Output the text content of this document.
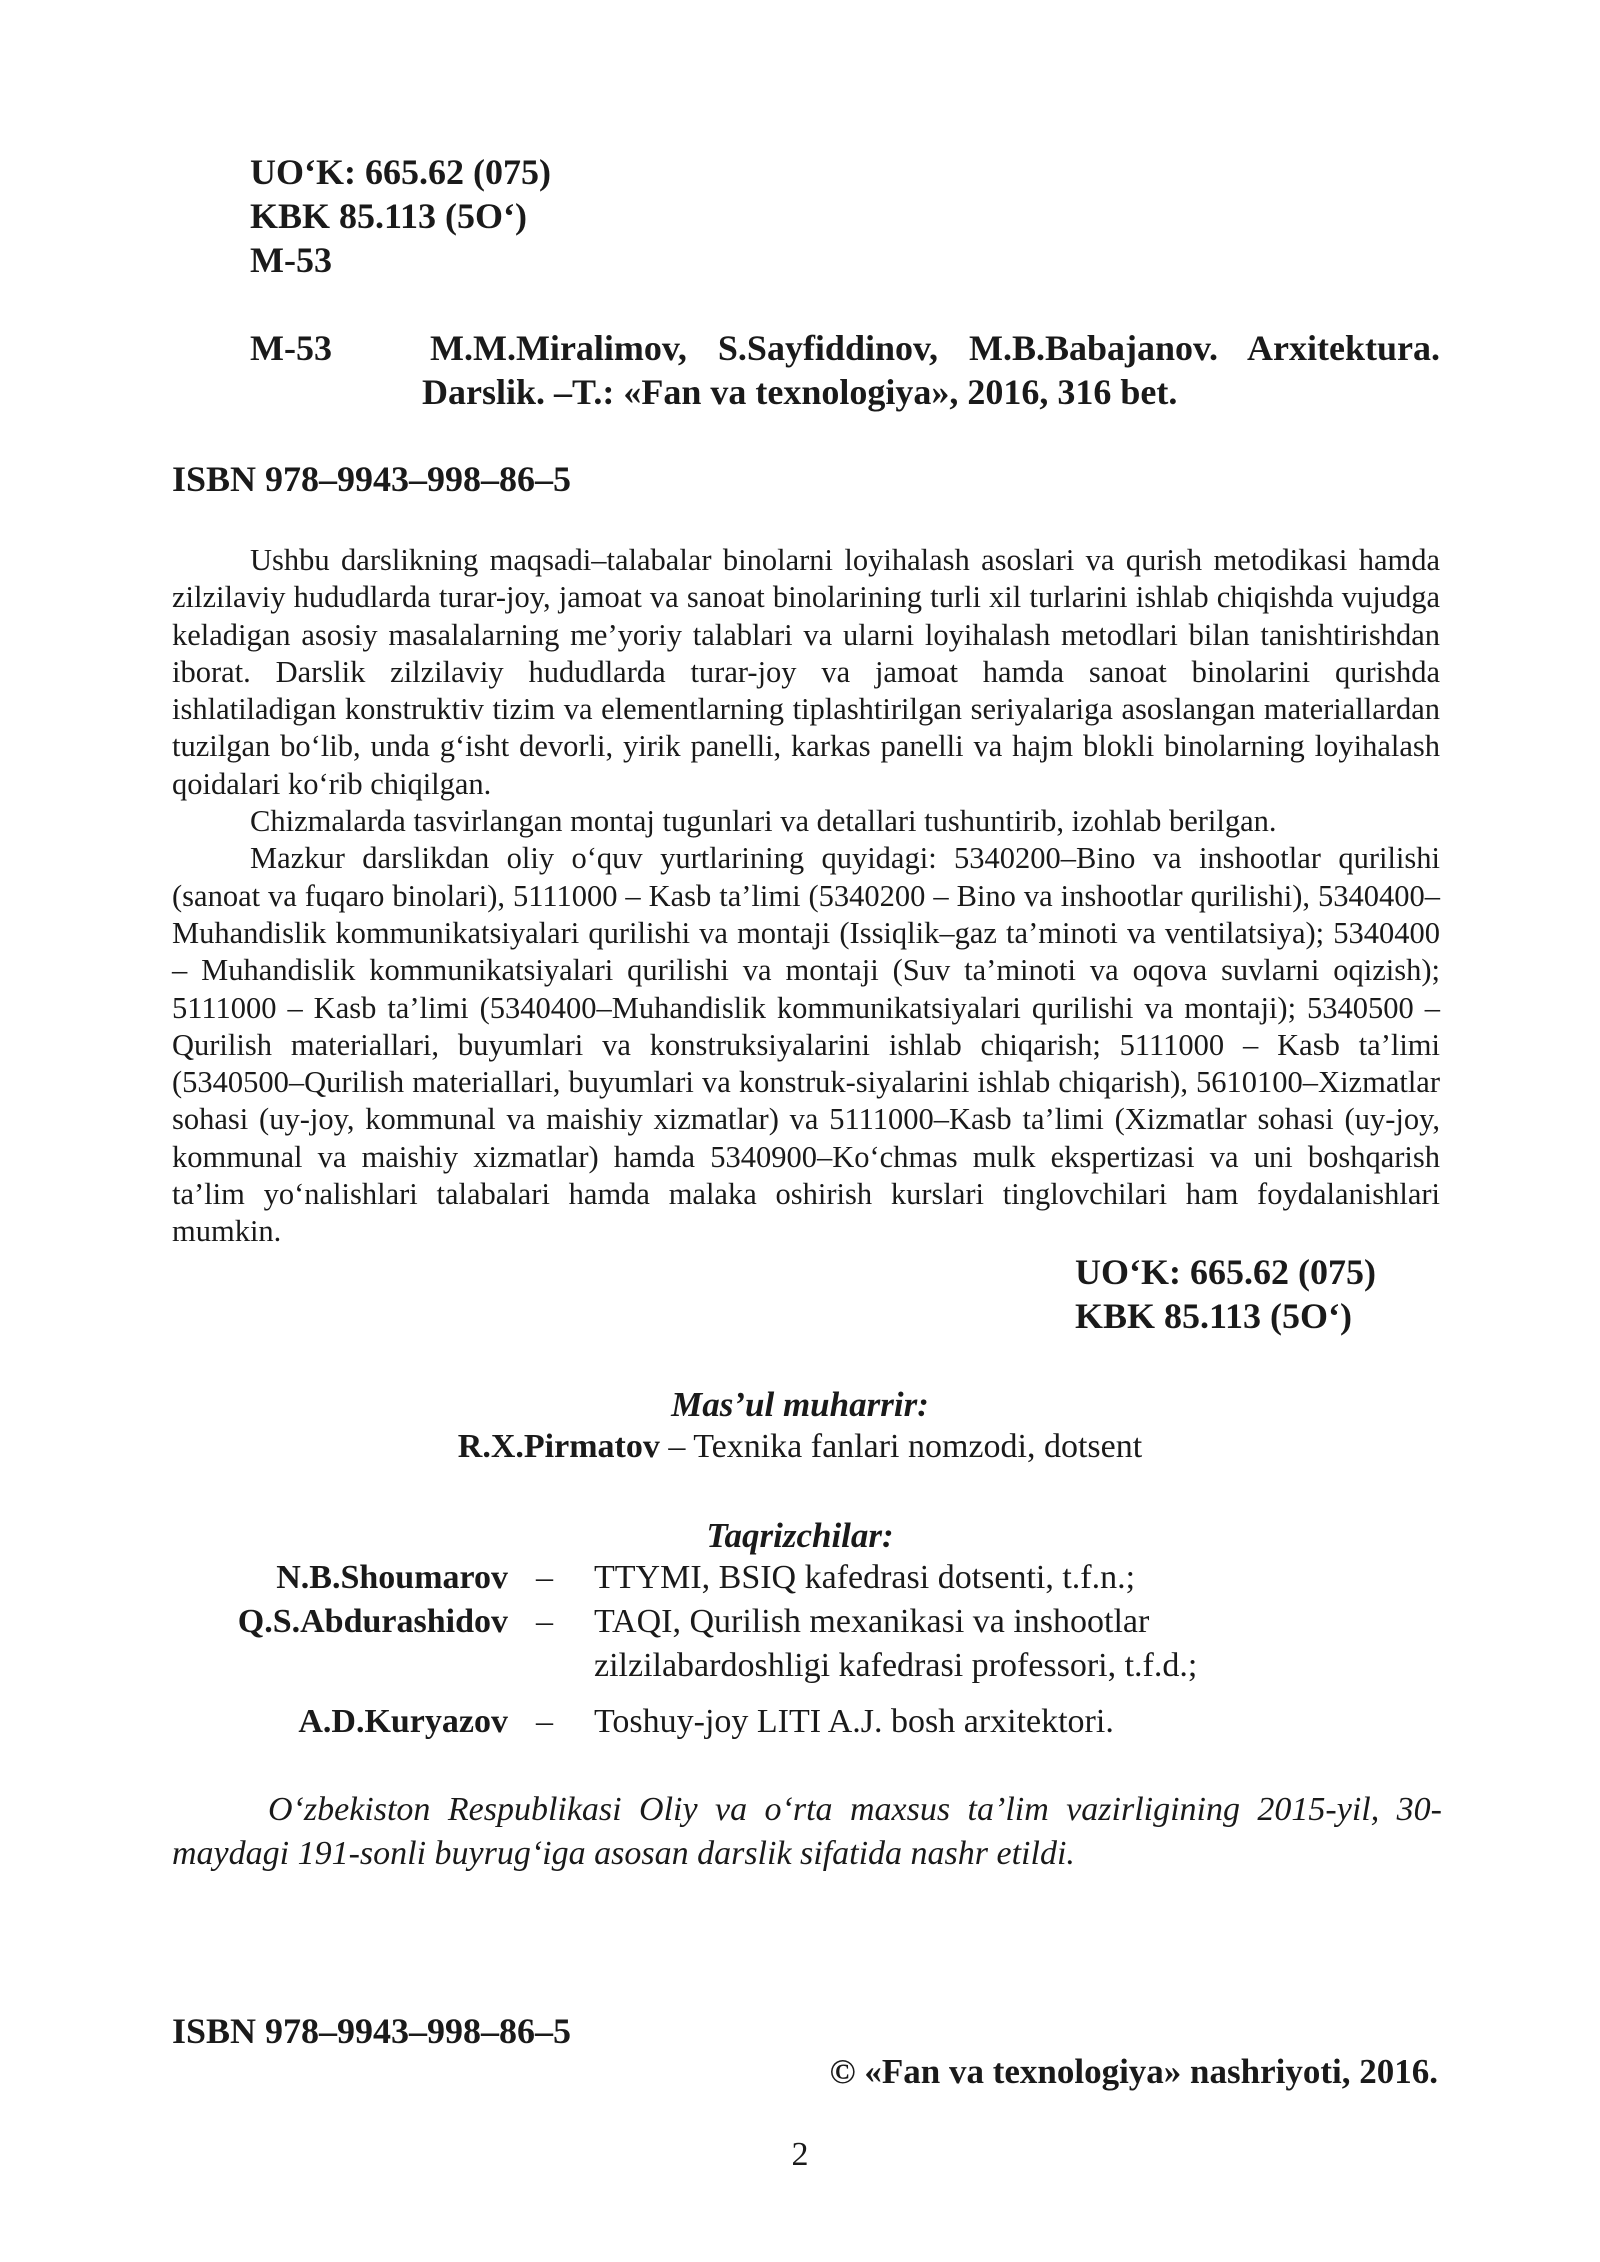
UO‘K: 665.62 (075)
KBK 85.113 (5O‘)
M-53
M-53	M.M.Miralimov, S.Sayfiddinov, M.B.Babajanov. Arxitektura.
Darslik. –T.: «Fan va texnologiya», 2016, 316 bet.
ISBN 978–9943–998–86–5

Ushbu darslikning maqsadi–talabalar binolarni loyihalash asoslari va qurish metodikasi hamda zilzilaviy hududlarda turar-joy, jamoat va sanoat binolarining turli xil turlarini ishlab chiqishda vujudga keladigan asosiy masalalarning me’yoriy talablari va ularni loyihalash metodlari bilan tanishtirishdan iborat. Darslik zilzilaviy hududlarda turar-joy va jamoat hamda sanoat binolarini qurishda ishlatiladigan konstruktiv tizim va elementlarning tiplashtirilgan seriyalariga asoslangan materiallardan tuzilgan bo‘lib, unda g‘isht devorli, yirik panelli, karkas panelli va hajm blokli binolarning loyihalash qoidalari ko‘rib chiqilgan.

Chizmalarda tasvirlangan montaj tugunlari va detallari tushuntirib, izohlab berilgan.

Mazkur darslikdan oliy o‘quv yurtlarining quyidagi: 5340200–Bino va inshootlar qurilishi (sanoat va fuqaro binolari), 5111000 – Kasb ta’limi (5340200 – Bino va inshootlar qurilishi), 5340400–Muhandislik kommunikatsiyalari qurilishi va montaji (Issiqlik–gaz ta’minoti va ventilatsiya); 5340400 – Muhandislik kommunikatsiyalari qurilishi va montaji (Suv ta’minoti va oqova suvlarni oqizish); 5111000 – Kasb ta’limi (5340400–Muhandislik kommunikatsiyalari qurilishi va montaji); 5340500 – Qurilish materiallari, buyumlari va konstruksiyalarini ishlab chiqarish; 5111000 – Kasb ta’limi (5340500–Qurilish materiallari, buyumlari va konstruk-siyalarini ishlab chiqarish), 5610100–Xizmatlar sohasi (uy-joy, kommunal va maishiy xizmatlar) va 5111000–Kasb ta’limi (Xizmatlar sohasi (uy-joy, kommunal va maishiy xizmatlar) hamda 5340900–Ko‘chmas mulk ekspertizasi va uni boshqarish ta’lim yo‘nalishlari talabalari hamda malaka oshirish kurslari tinglovchilari ham foydalanishlari mumkin.

UO‘K: 665.62 (075)
KBK 85.113 (5O‘)
Mas’ul muharrir:
R.X.Pirmatov – Texnika fanlari nomzodi, dotsent
Taqrizchilar:
N.B.Shoumarov – TTYMI, BSIQ kafedrasi dotsenti, t.f.n.;
Q.S.Abdurashidov – TAQI, Qurilish mexanikasi va inshootlar zilzilabardoshligi kafedrasi professori, t.f.d.;
A.D.Kuryazov – Toshuy-joy LITI A.J. bosh arxitektori.

O‘zbekiston Respublikasi Oliy va o‘rta maxsus ta’lim vazirligining 2015-yil, 30-maydagi 191-sonli buyrug‘iga asosan darslik sifatida nashr etildi.

ISBN 978–9943–998–86–5
© «Fan va texnologiya» nashriyoti, 2016.
2
